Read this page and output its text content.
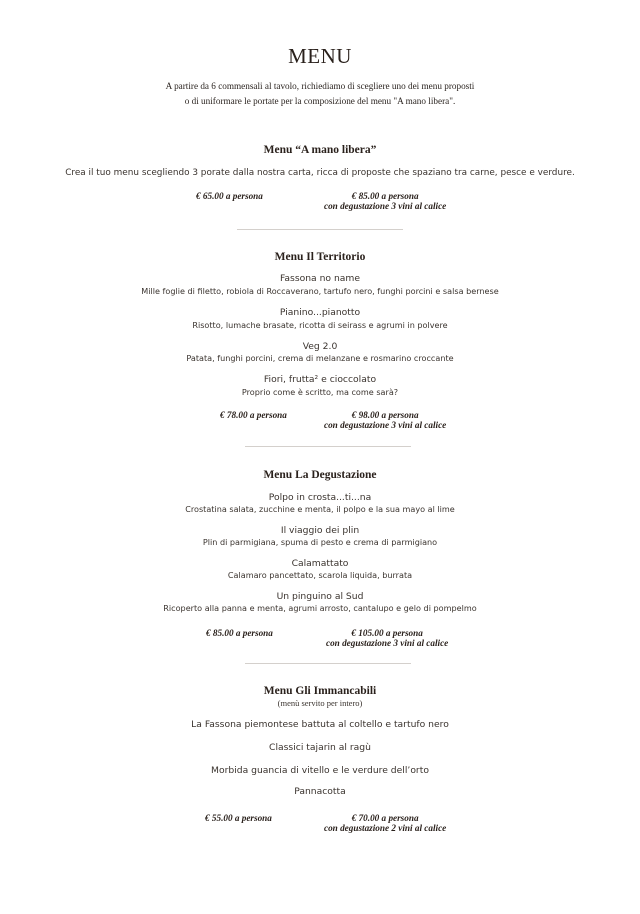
MENU
A partire da 6 commensali al tavolo, richiediamo di scegliere uno dei menu proposti
o di uniformare le portate per la composizione del menu "A mano libera".
Menu “A mano libera”
Crea il tuo menu scegliendo 3 porate dalla nostra carta, ricca di proposte che spaziano tra carne, pesce e verdure.
€ 65.00 a persona	€ 85.00 a persona
con degustazione 3 vini al calice
Menu Il Territorio
Fassona no name
Mille foglie di filetto, robiola di Roccaverano, tartufo nero, funghi porcini e salsa bernese
Pianino...pianotto
Risotto, lumache brasate, ricotta di seirass e agrumi in polvere
Veg 2.0
Patata, funghi porcini, crema di melanzane e rosmarino croccante
Fiori, frutta² e cioccolato
Proprio come è scritto, ma come sarà?
€ 78.00 a persona	€ 98.00 a persona
con degustazione 3 vini al calice
Menu La Degustazione
Polpo in crosta...ti...na
Crostatina salata, zucchine e menta, il polpo e la sua mayo al lime
Il viaggio dei plin
Plin di parmigiana, spuma di pesto e crema di parmigiano
Calamattato
Calamaro pancettato, scarola liquida, burrata
Un pinguino al Sud
Ricoperto alla panna e menta, agrumi arrosto, cantalupo e gelo di pompelmo
€ 85.00 a persona	€ 105.00 a persona
con degustazione 3 vini al calice
Menu Gli Immancabili
(menù servito per intero)
La Fassona piemontese battuta al coltello e tartufo nero
Classici tajarin al ragù
Morbida guancia di vitello e le verdure dell’orto
Pannacotta
€ 55.00 a persona	€ 70.00 a persona
con degustazione 2 vini al calice
